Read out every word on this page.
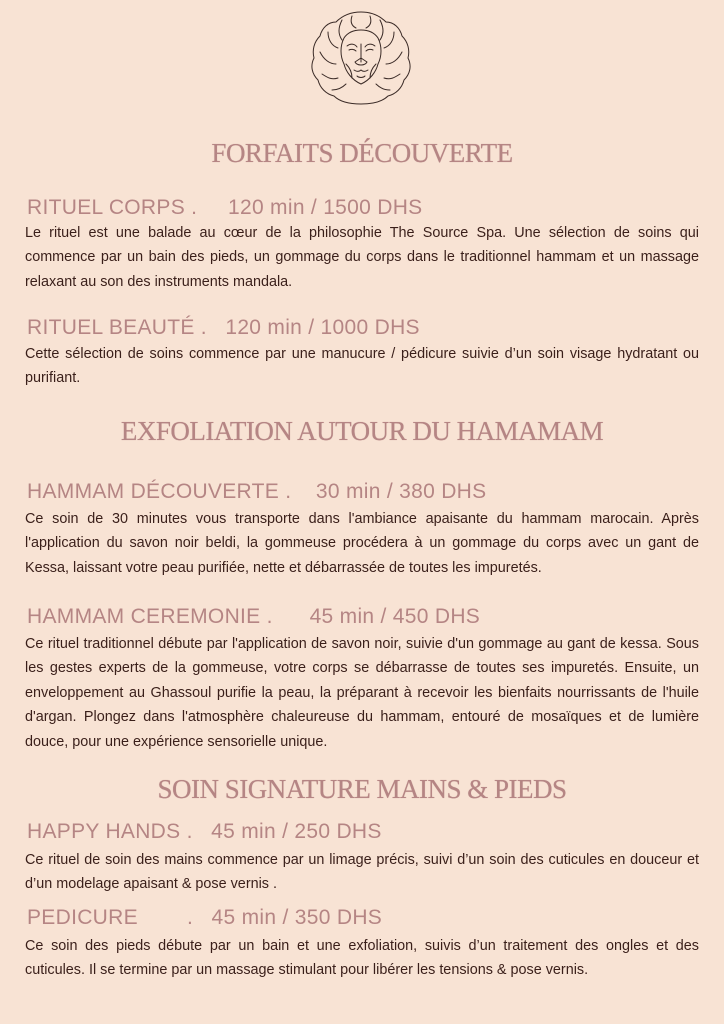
FORFAITS DÉCOUVERTE
RITUEL CORPS . 120 min / 1500 DHS
Le rituel est une balade au cœur de la philosophie The Source Spa. Une sélection de soins qui commence par un bain des pieds, un gommage du corps dans le traditionnel hammam et un massage relaxant au son des instruments mandala.
RITUEL BEAUTÉ . 120 min / 1000 DHS
Cette sélection de soins commence par une manucure / pédicure suivie d’un soin visage hydratant ou purifiant.
EXFOLIATION AUTOUR DU HAMAMAM
HAMMAM DÉCOUVERTE . 30 min / 380 DHS
Ce soin de 30 minutes vous transporte dans l'ambiance apaisante du hammam marocain. Après l'application du savon noir beldi, la gommeuse procédera à un gommage du corps avec un gant de Kessa, laissant votre peau purifiée, nette et débarrassée de toutes les impuretés.
HAMMAM CEREMONIE . 45 min / 450 DHS
Ce rituel traditionnel débute par l'application de savon noir, suivie d'un gommage au gant de kessa. Sous les gestes experts de la gommeuse, votre corps se débarrasse de toutes ses impuretés. Ensuite, un enveloppement au Ghassoul purifie la peau, la préparant à recevoir les bienfaits nourrissants de l'huile d'argan. Plongez dans l'atmosphère chaleureuse du hammam, entouré de mosaïques et de lumière douce, pour une expérience sensorielle unique.
SOIN SIGNATURE MAINS & PIEDS
HAPPY HANDS . 45 min / 250 DHS
Ce rituel de soin des mains commence par un limage précis, suivi d’un soin des cuticules en douceur et d’un modelage apaisant & pose vernis .
PEDICURE        . 45 min / 350 DHS
Ce soin des pieds débute par un bain et une exfoliation, suivis d’un traitement des ongles et des cuticules. Il se termine par un massage stimulant pour libérer les tensions & pose vernis.
